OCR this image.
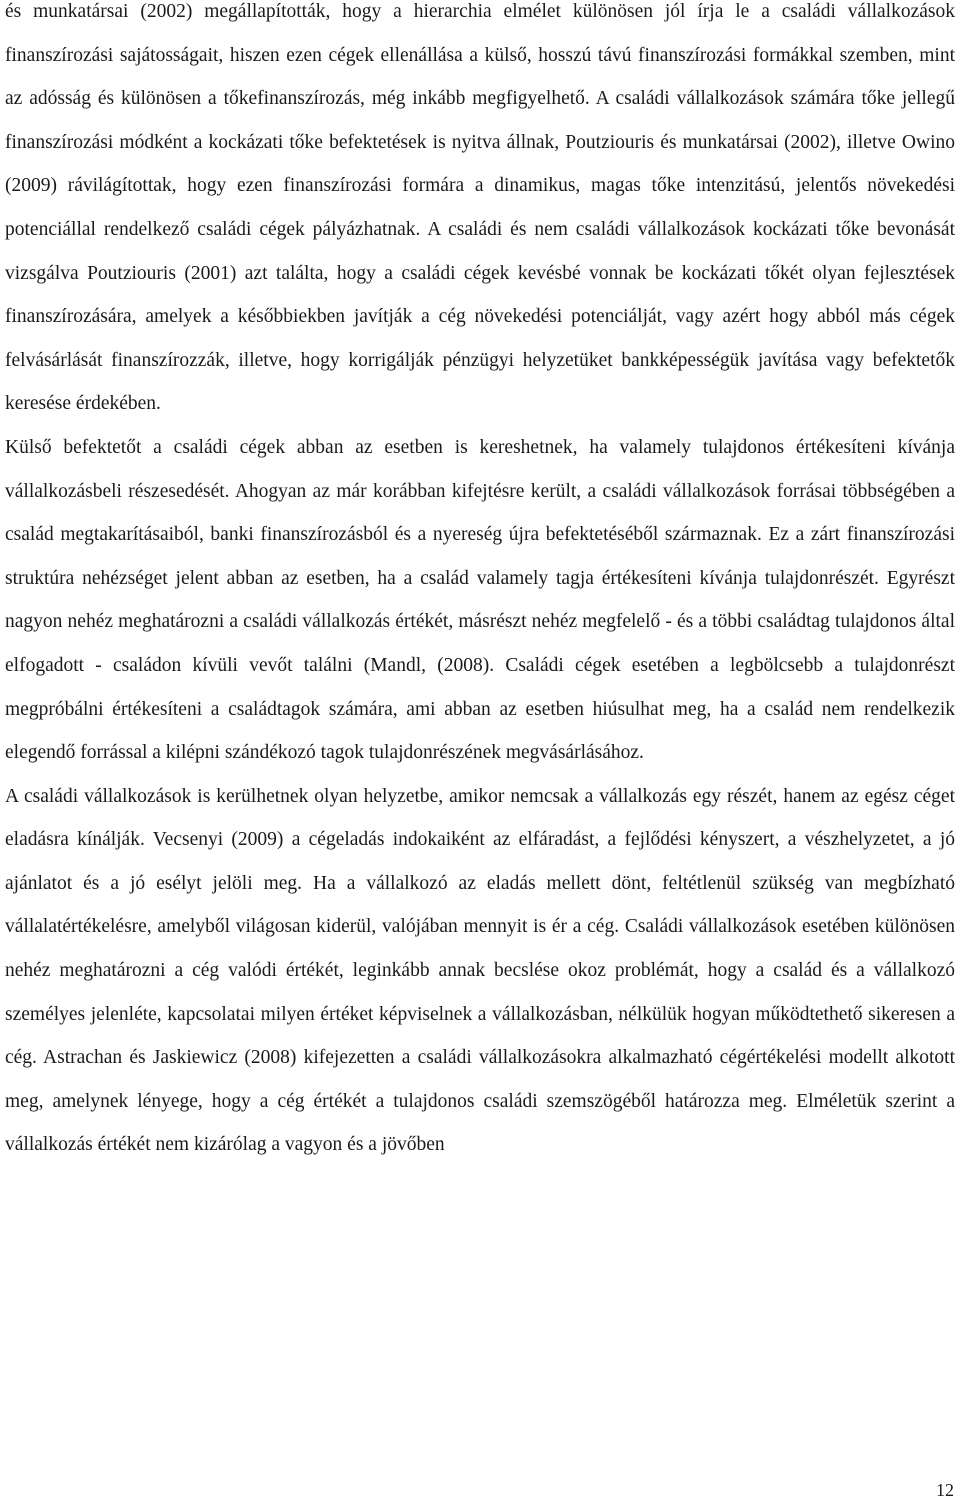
és munkatársai (2002) megállapították, hogy a hierarchia elmélet különösen jól írja le a családi vállalkozások finanszírozási sajátosságait, hiszen ezen cégek ellenállása a külső, hosszú távú finanszírozási formákkal szemben, mint az adósság és különösen a tőkefinanszírozás, még inkább megfigyelhető. A családi vállalkozások számára tőke jellegű finanszírozási módként a kockázati tőke befektetések is nyitva állnak, Poutziouris és munkatársai (2002), illetve Owino (2009) rávilágítottak, hogy ezen finanszírozási formára a dinamikus, magas tőke intenzitású, jelentős növekedési potenciállal rendelkező családi cégek pályázhatnak. A családi és nem családi vállalkozások kockázati tőke bevonását vizsgálva Poutziouris (2001) azt találta, hogy a családi cégek kevésbé vonnak be kockázati tőkét olyan fejlesztések finanszírozására, amelyek a későbbiekben javítják a cég növekedési potenciálját, vagy azért hogy abból más cégek felvásárlását finanszírozzák, illetve, hogy korrigálják pénzügyi helyzetüket bankképességük javítása vagy befektetők keresése érdekében.

Külső befektetőt a családi cégek abban az esetben is kereshetnek, ha valamely tulajdonos értékesíteni kívánja vállalkozásbeli részesedését. Ahogyan az már korábban kifejtésre került, a családi vállalkozások forrásai többségében a család megtakarításaiból, banki finanszírozásból és a nyereség újra befektetéséből származnak. Ez a zárt finanszírozási struktúra nehézséget jelent abban az esetben, ha a család valamely tagja értékesíteni kívánja tulajdonrészét. Egyrészt nagyon nehéz meghatározni a családi vállalkozás értékét, másrészt nehéz megfelelő - és a többi családtag tulajdonos által elfogadott - családon kívüli vevőt találni (Mandl, (2008). Családi cégek esetében a legbölcsebb a tulajdonrészt megpróbálni értékesíteni a családtagok számára, ami abban az esetben hiúsulhat meg, ha a család nem rendelkezik elegendő forrással a kilépni szándékozó tagok tulajdonrészének megvásárlásához.

A családi vállalkozások is kerülhetnek olyan helyzetbe, amikor nemcsak a vállalkozás egy részét, hanem az egész céget eladásra kínálják. Vecsenyi (2009) a cégeladás indokaiként az elfáradást, a fejlődési kényszert, a vészhelyzetet, a jó ajánlatot és a jó esélyt jelöli meg. Ha a vállalkozó az eladás mellett dönt, feltétlenül szükség van megbízható vállalatértékelésre, amelyből világosan kiderül, valójában mennyit is ér a cég. Családi vállalkozások esetében különösen nehéz meghatározni a cég valódi értékét, leginkább annak becslése okoz problémát, hogy a család és a vállalkozó személyes jelenléte, kapcsolatai milyen értéket képviselnek a vállalkozásban, nélkülük hogyan működtethető sikeresen a cég. Astrachan és Jaskiewicz (2008) kifejezetten a családi vállalkozásokra alkalmazható cégértékelési modellt alkotott meg, amelynek lényege, hogy a cég értékét a tulajdonos családi szemszögéből határozza meg. Elméletük szerint a vállalkozás értékét nem kizárólag a vagyon és a jövőben

12
